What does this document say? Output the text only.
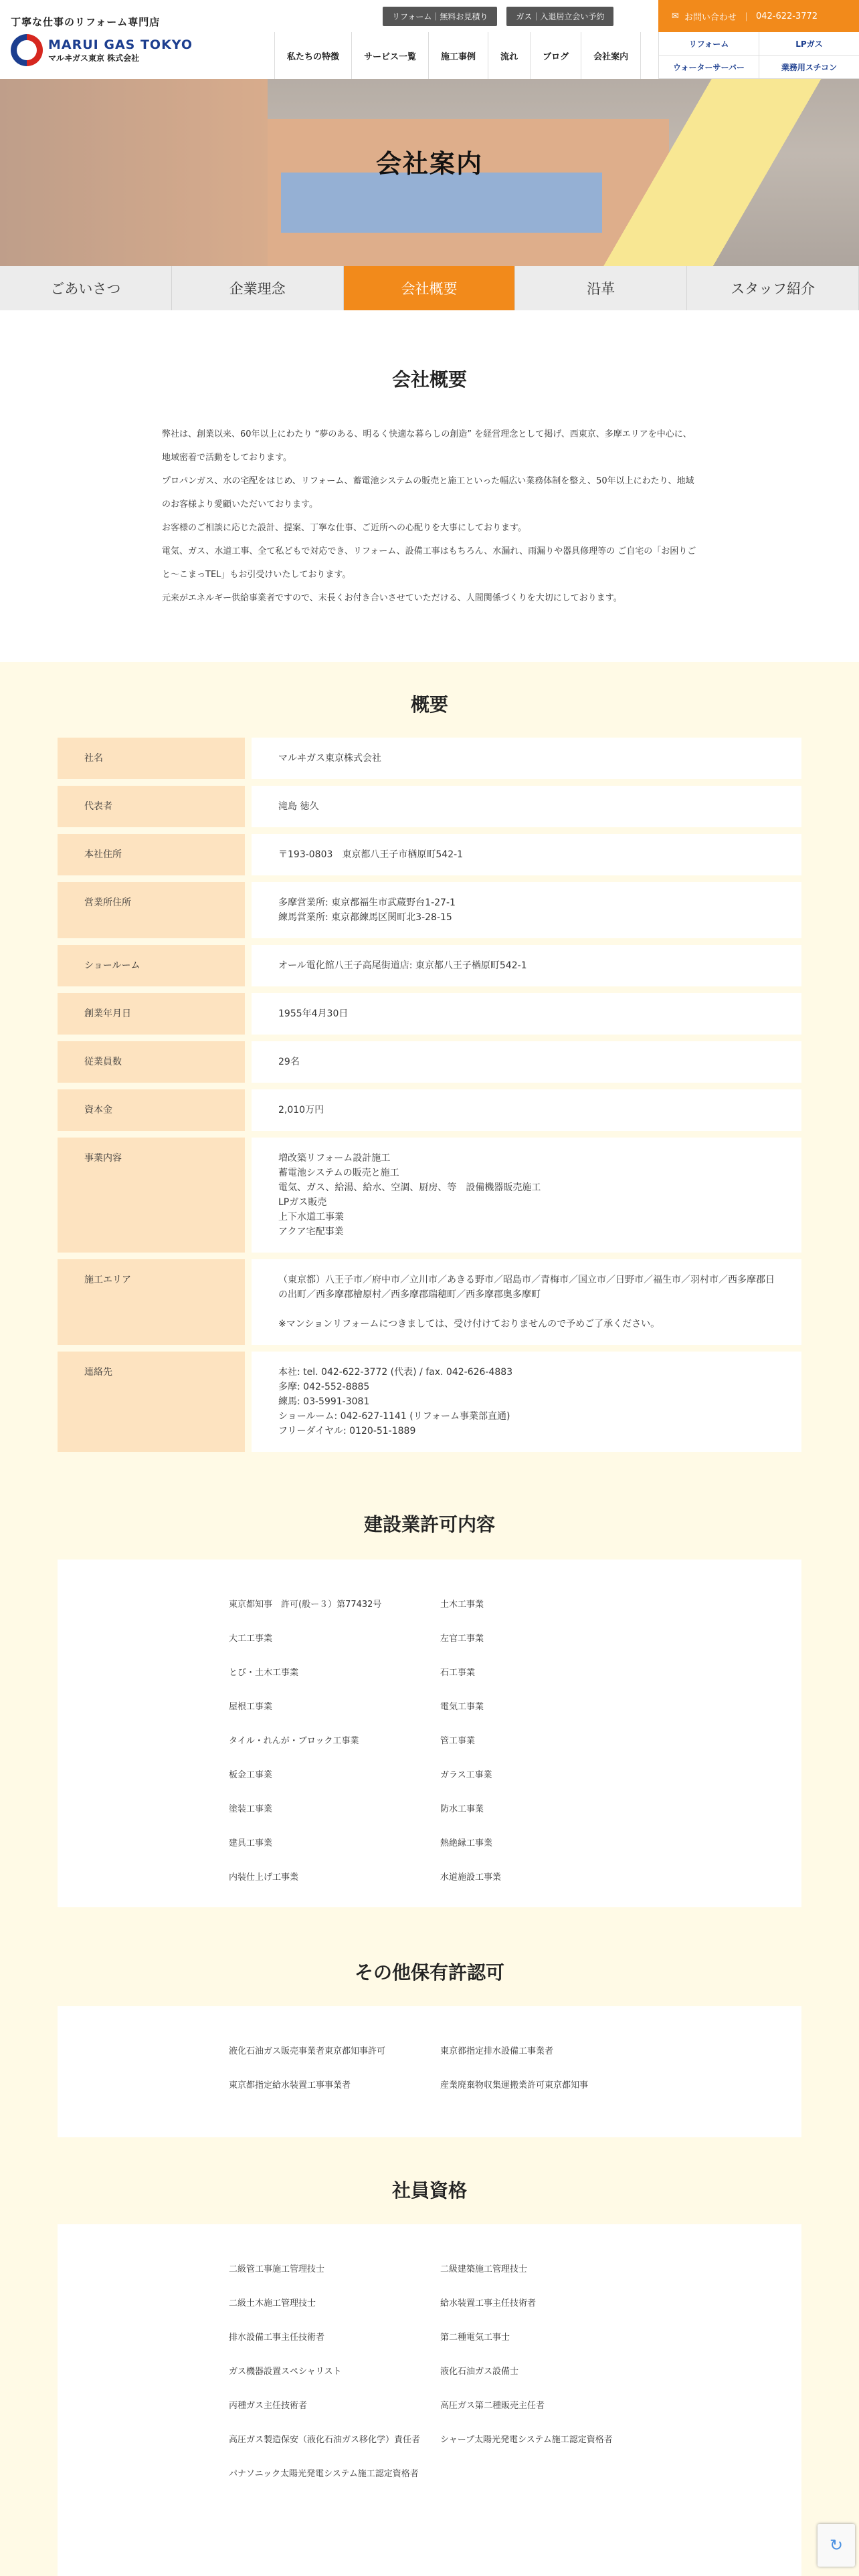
丁寧な仕事のリフォーム専門店
MARUI GAS TOKYO
マルヰガス東京 株式会社
リフォーム｜無料お見積り	ガス｜入退居立会い予約
私たちの特徴	サービス一覧	施工事例	流れ	ブログ	会社案内
✉ お問い合わせ ｜ 042-622-3772
リフォーム	LPガス
ウォーターサーバー	業務用スチコン
会社案内
ごあいさつ	企業理念	会社概要	沿革	スタッフ紹介
会社概要

弊社は、創業以来、60年以上にわたり “夢のある、明るく快適な暮らしの創造” を経営理念として掲げ、西東京、多摩エリアを中心に、地域密着で活動をしております。

プロパンガス、水の宅配をはじめ、リフォーム、蓄電池システムの販売と施工といった幅広い業務体制を整え、50年以上にわたり、地域のお客様より愛顧いただいております。

お客様のご相談に応じた設計、提案、丁寧な仕事、ご近所への心配りを大事にしております。

電気、ガス、水道工事、全て私どもで対応でき、リフォーム、設備工事はもちろん、水漏れ、雨漏りや器具修理等の ご自宅の「お困りごと〜こまっTEL」もお引受けいたしております。

元来がエネルギー供給事業者ですので、末長くお付き合いさせていただける、人間関係づくりを大切にしております。

概要
社名	マルヰガス東京株式会社
代表者	滝島 徳久
本社住所	〒193-0803　東京都八王子市楢原町542-1
営業所住所	多摩営業所: 東京都福生市武蔵野台1-27-1
練馬営業所: 東京都練馬区関町北3-28-15
ショールーム	オール電化館八王子高尾街道店: 東京都八王子楢原町542-1
創業年月日	1955年4月30日
従業員数	29名
資本金	2,010万円
事業内容	増改築リフォーム設計施工
蓄電池システムの販売と施工
電気、ガス、給湯、給水、空調、厨房、等　設備機器販売施工
LPガス販売
上下水道工事業
アクア宅配事業
施工エリア	（東京都）八王子市／府中市／立川市／あきる野市／昭島市／青梅市／国立市／日野市／福生市／羽村市／西多摩郡日の出町／西多摩郡檜原村／西多摩郡瑞穂町／西多摩郡奥多摩町

※マンションリフォームにつきましては、受け付けておりませんので予めご了承ください。
連絡先	本社: tel. 042-622-3772 (代表) / fax. 042-626-4883
多摩: 042-552-8885
練馬: 03-5991-3081
ショールーム: 042-627-1141 (リフォーム事業部直通)
フリーダイヤル: 0120-51-1889
建設業許可内容
東京都知事　許可(般ー３）第77432号	土木工事業
大工工事業	左官工事業
とび・土木工事業	石工事業
屋根工事業	電気工事業
タイル・れんが・ブロック工事業	管工事業
板金工事業	ガラス工事業
塗装工事業	防水工事業
建具工事業	熱絶縁工事業
内装仕上げ工事業	水道施設工事業
その他保有許認可
液化石油ガス販売事業者東京都知事許可	東京都指定排水設備工事業者
東京都指定給水装置工事事業者	産業廃棄物収集運搬業許可東京都知事
社員資格
二級管工事施工管理技士	二級建築施工管理技士
二級土木施工管理技士	給水装置工事主任技術者
排水設備工事主任技術者	第二種電気工事士
ガス機器設置スペシャリスト	液化石油ガス設備士
丙種ガス主任技術者	高圧ガス第二種販売主任者
高圧ガス製造保安（液化石油ガス移化学）責任者	シャープ太陽光発電システム施工認定資格者
パナソニック太陽光発電システム施工認定資格者
↻
